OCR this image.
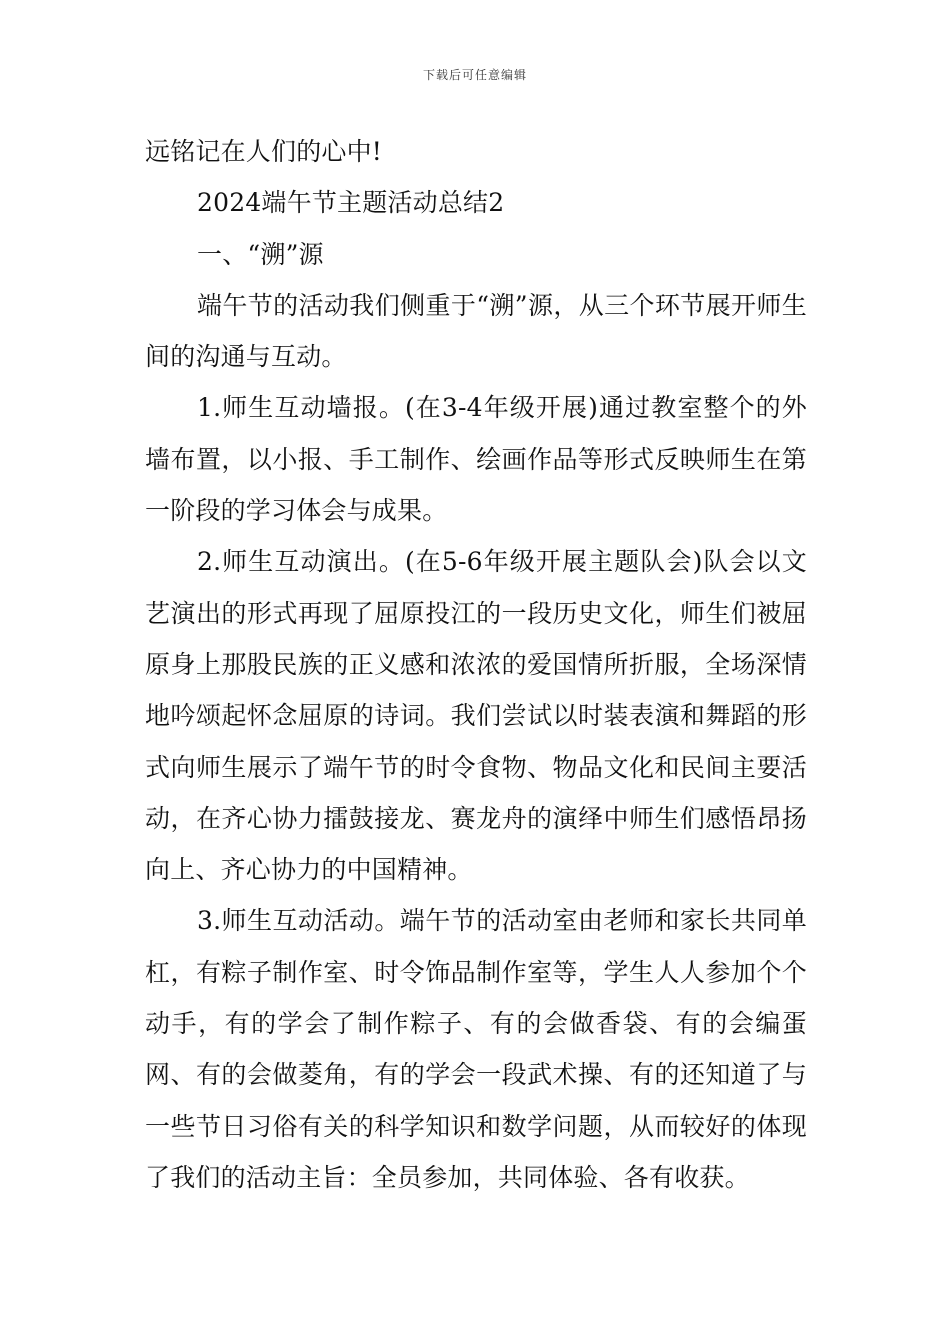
下载后可任意编辑

远铭记在人们的心中!

2024端午节主题活动总结2

一、“溯”源

端午节的活动我们侧重于“溯”源，从三个环节展开师生间的沟通与互动。

1.师生互动墙报。(在3-4年级开展)通过教室整个的外墙布置，以小报、手工制作、绘画作品等形式反映师生在第一阶段的学习体会与成果。

2.师生互动演出。(在5-6年级开展主题队会)队会以文艺演出的形式再现了屈原投江的一段历史文化，师生们被屈原身上那股民族的正义感和浓浓的爱国情所折服，全场深情地吟颂起怀念屈原的诗词。我们尝试以时装表演和舞蹈的形式向师生展示了端午节的时令食物、物品文化和民间主要活动，在齐心协力擂鼓接龙、赛龙舟的演绎中师生们感悟昂扬向上、齐心协力的中国精神。

3.师生互动活动。端午节的活动室由老师和家长共同单杠，有粽子制作室、时令饰品制作室等，学生人人参加个个动手，有的学会了制作粽子、有的会做香袋、有的会编蛋网、有的会做菱角，有的学会一段武术操、有的还知道了与一些节日习俗有关的科学知识和数学问题，从而较好的体现了我们的活动主旨：全员参加，共同体验、各有收获。
